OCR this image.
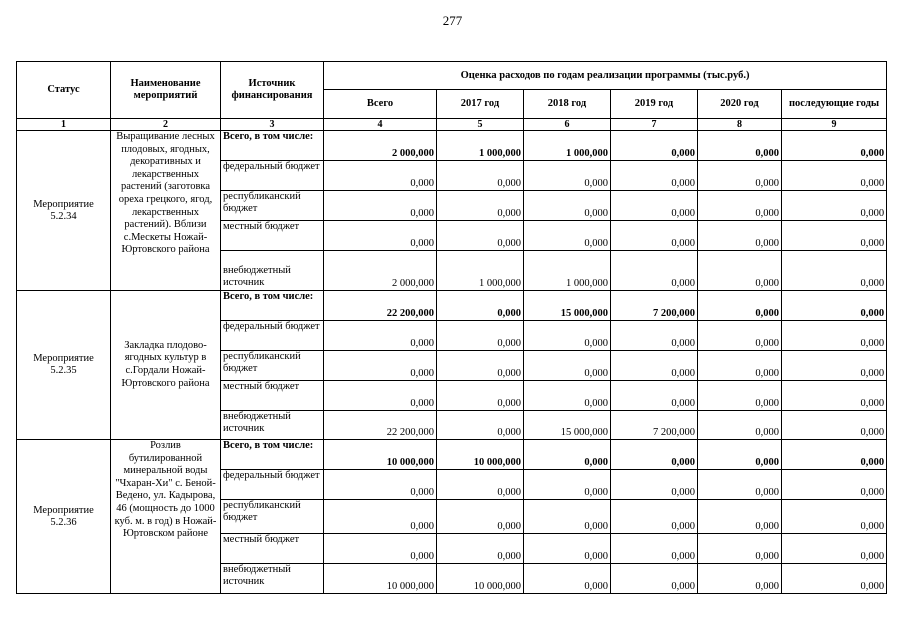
277
Статус	Наименование мероприятий	Источник финансирования	Оценка расходов по годам реализации программы (тыс.руб.)					
			Всего	2017 год	2018 год	2019 год	2020 год	последующие годы
1	2	3	4	5	6	7	8	9
Мероприятие 5.2.34	Выращивание лесных плодовых, ягодных, декоративных и лекарственных растений (заготовка ореха грецкого, ягод, лекарственных растений). Вблизи с.Мескеты Ножай-Юртовского района	Всего, в том числе:	2 000,000	1 000,000	1 000,000	0,000	0,000	0,000
		федеральный бюджет	0,000	0,000	0,000	0,000	0,000	0,000
		республиканский бюджет	0,000	0,000	0,000	0,000	0,000	0,000
		местный бюджет	0,000	0,000	0,000	0,000	0,000	0,000
		внебюджетный источник	2 000,000	1 000,000	1 000,000	0,000	0,000	0,000
Мероприятие 5.2.35	Закладка плодово-ягодных культур в с.Гордали Ножай-Юртовского района	Всего, в том числе:	22 200,000	0,000	15 000,000	7 200,000	0,000	0,000
		федеральный бюджет	0,000	0,000	0,000	0,000	0,000	0,000
		республиканский бюджет	0,000	0,000	0,000	0,000	0,000	0,000
		местный бюджет	0,000	0,000	0,000	0,000	0,000	0,000
		внебюджетный источник	22 200,000	0,000	15 000,000	7 200,000	0,000	0,000
Мероприятие 5.2.36	Розлив бутилированной минеральной воды "Чхаран-Хи" с. Беной-Ведено, ул. Кадырова, 46 (мощность до 1000 куб. м. в год) в Ножай-Юртовском районе	Всего, в том числе:	10 000,000	10 000,000	0,000	0,000	0,000	0,000
		федеральный бюджет	0,000	0,000	0,000	0,000	0,000	0,000
		республиканский бюджет	0,000	0,000	0,000	0,000	0,000	0,000
		местный бюджет	0,000	0,000	0,000	0,000	0,000	0,000
		внебюджетный источник	10 000,000	10 000,000	0,000	0,000	0,000	0,000
